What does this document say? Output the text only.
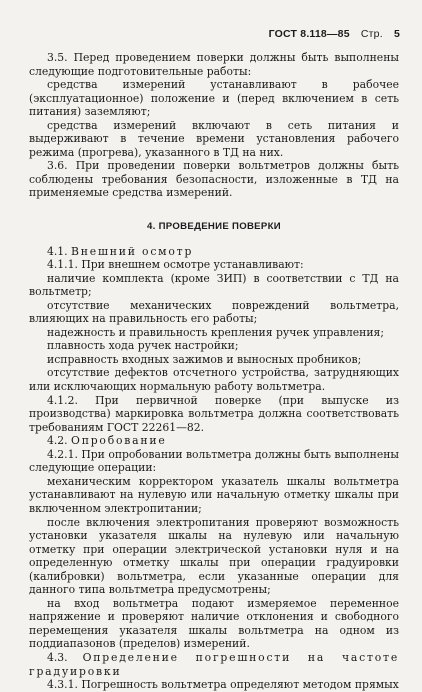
ГОСТ 8.118—85 Стр. 5

3.5. Перед проведением поверки должны быть выполнены следующие подготовительные работы:

средства измерений устанавливают в рабочее (эксплуатационное) положение и (перед включением в сеть питания) заземляют;

средства измерений включают в сеть питания и выдерживают в течение времени установления рабочего режима (прогрева), указанного в ТД на них.

3.6. При проведении поверки вольтметров должны быть соблюдены требования безопасности, изложенные в ТД на применяемые средства измерений.

4. ПРОВЕДЕНИЕ ПОВЕРКИ

4.1. Внешний осмотр

4.1.1. При внешнем осмотре устанавливают:

наличие комплекта (кроме ЗИП) в соответствии с ТД на вольтметр;

отсутствие механических повреждений вольтметра, влияющих на правильность его работы;

надежность и правильность крепления ручек управления;

плавность хода ручек настройки;

исправность входных зажимов и выносных пробников;

отсутствие дефектов отсчетного устройства, затрудняющих или исключающих нормальную работу вольтметра.

4.1.2. При первичной поверке (при выпуске из производства) маркировка вольтметра должна соответствовать требованиям ГОСТ 22261—82.

4.2. Опробование

4.2.1. При опробовании вольтметра должны быть выполнены следующие операции:

механическим корректором указатель шкалы вольтметра устанавливают на нулевую или начальную отметку шкалы при включенном электропитании;

после включения электропитания проверяют возможность установки указателя шкалы на нулевую или начальную отметку при операции электрической установки нуля и на определенную отметку шкалы при операции градуировки (калибровки) вольтметра, если указанные операции для данного типа вольтметра предусмотрены;

на вход вольтметра подают измеряемое переменное напряжение и проверяют наличие отклонения и свободного перемещения указателя шкалы вольтметра на одном из поддиапазонов (пределов) измерений.

4.3. Определение погрешности на частоте градуировки

4.3.1. Погрешность вольтметра определяют методом прямых
